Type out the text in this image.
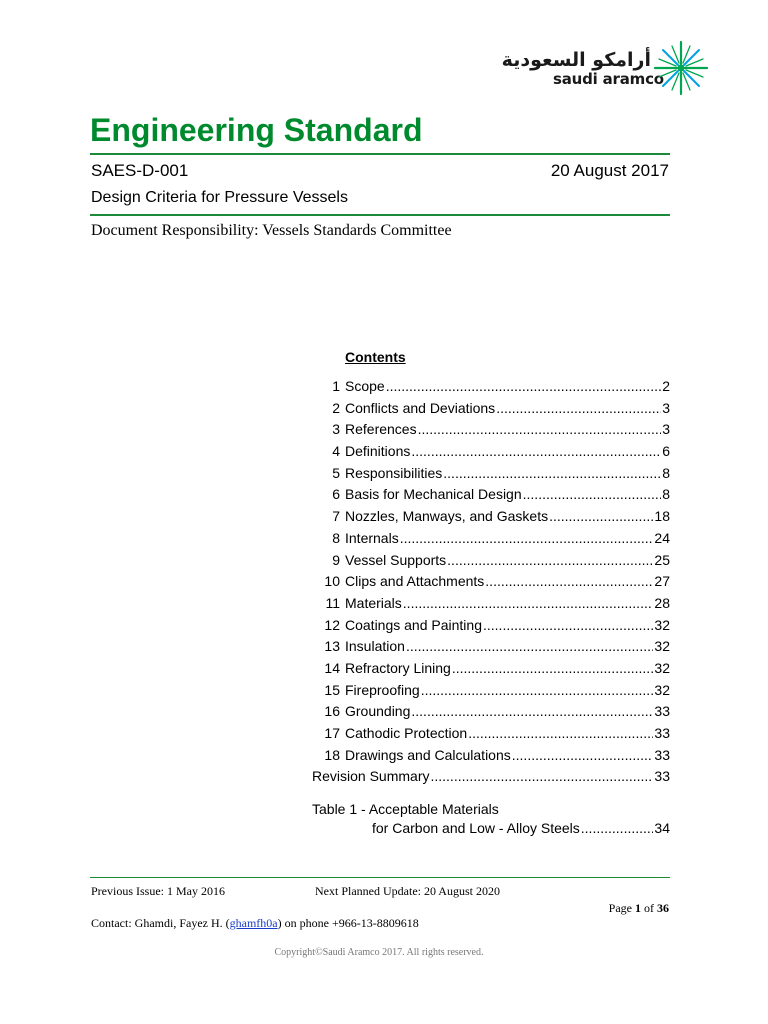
أرامكو السعودية
saudi aramco
Engineering Standard
SAES-D-001	20 August 2017
Design Criteria for Pressure Vessels
Document Responsibility: Vessels Standards Committee
Contents
1 Scope .....	2
2 Conflicts and Deviations .....	3
3 References .....	3
4 Definitions .....	6
5 Responsibilities .....	8
6 Basis for Mechanical Design .....	8
7 Nozzles, Manways, and Gaskets .....	18
8 Internals .....	24
9 Vessel Supports .....	25
10 Clips and Attachments .....	27
11 Materials .....	28
12 Coatings and Painting .....	32
13 Insulation .....	32
14 Refractory Lining .....	32
15 Fireproofing .....	32
16 Grounding .....	33
17 Cathodic Protection .....	33
18 Drawings and Calculations .....	33
Revision Summary .....	33
Table 1 - Acceptable Materials
for Carbon and Low - Alloy Steels .....	34
Previous Issue: 1 May 2016	Next Planned Update: 20 August 2020
Page 1 of 36
Contact: Ghamdi, Fayez H. (ghamfh0a) on phone +966-13-8809618
Copyright©Saudi Aramco 2017. All rights reserved.
